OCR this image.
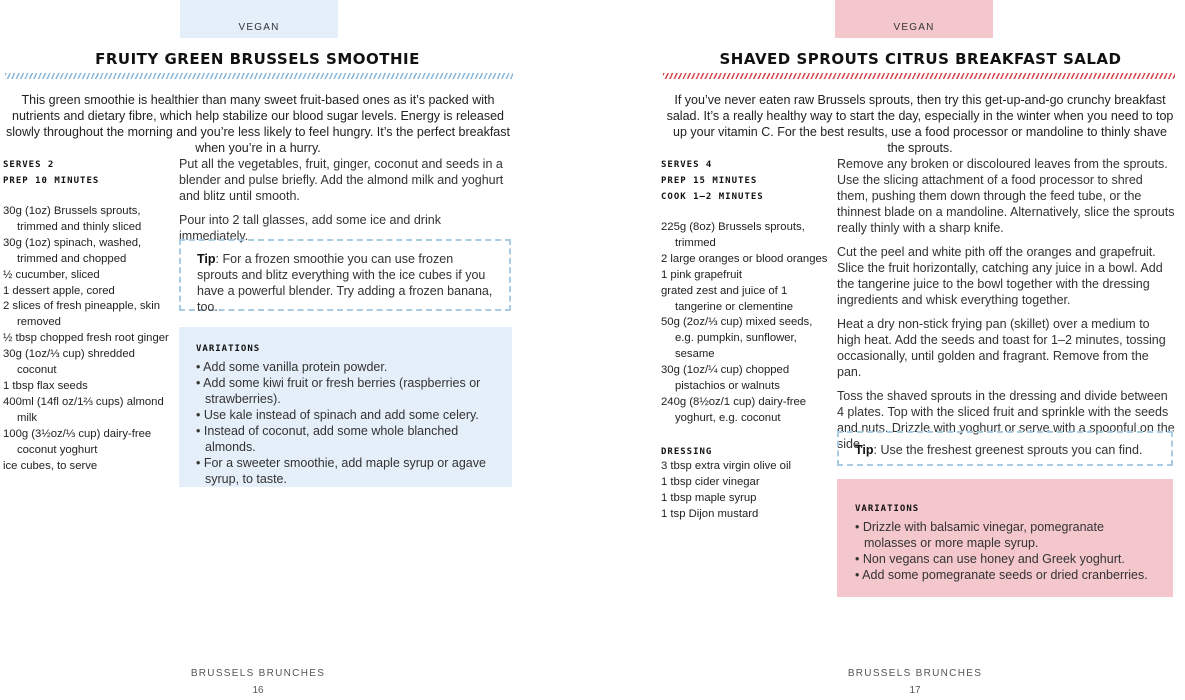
VEGAN
FRUITY GREEN BRUSSELS SMOOTHIE

This green smoothie is healthier than many sweet fruit-based ones as it’s packed with nutrients and dietary fibre, which help stabilize our blood sugar levels. Energy is released slowly throughout the morning and you’re less likely to feel hungry. It’s the perfect breakfast when you’re in a hurry.

SERVES 2
PREP 10 MINUTES
30g (1oz) Brussels sprouts, trimmed and thinly sliced
30g (1oz) spinach, washed, trimmed and chopped
½ cucumber, sliced
1 dessert apple, cored
2 slices of fresh pineapple, skin removed
½ tbsp chopped fresh root ginger
30g (1oz/⅓ cup) shredded coconut
1 tbsp flax seeds
400ml (14fl oz/1⅔ cups) almond milk
100g (3½oz/⅓ cup) dairy-free coconut yoghurt
ice cubes, to serve

Put all the vegetables, fruit, ginger, coconut and seeds in a blender and pulse briefly. Add the almond milk and yoghurt and blitz until smooth.

Pour into 2 tall glasses, add some ice and drink immediately.

Tip: For a frozen smoothie you can use frozen sprouts and blitz everything with the ice cubes if you have a powerful blender. Try adding a frozen banana, too.
VARIATIONS
• Add some vanilla protein powder.
• Add some kiwi fruit or fresh berries (raspberries or strawberries).
• Use kale instead of spinach and add some celery.
• Instead of coconut, add some whole blanched almonds.
• For a sweeter smoothie, add maple syrup or agave syrup, to taste.
BRUSSELS BRUNCHES
16
VEGAN
SHAVED SPROUTS CITRUS BREAKFAST SALAD

If you’ve never eaten raw Brussels sprouts, then try this get-up-and-go crunchy breakfast salad. It’s a really healthy way to start the day, especially in the winter when you need to top up your vitamin C. For the best results, use a food processor or mandoline to thinly shave the sprouts.

SERVES 4
PREP 15 MINUTES
COOK 1–2 MINUTES
225g (8oz) Brussels sprouts, trimmed
2 large oranges or blood oranges
1 pink grapefruit
grated zest and juice of 1 tangerine or clementine
50g (2oz/⅓ cup) mixed seeds, e.g. pumpkin, sunflower, sesame
30g (1oz/¼ cup) chopped pistachios or walnuts
240g (8½oz/1 cup) dairy-free yoghurt, e.g. coconut
DRESSING
3 tbsp extra virgin olive oil
1 tbsp cider vinegar
1 tbsp maple syrup
1 tsp Dijon mustard

Remove any broken or discoloured leaves from the sprouts. Use the slicing attachment of a food processor to shred them, pushing them down through the feed tube, or the thinnest blade on a mandoline. Alternatively, slice the sprouts really thinly with a sharp knife.

Cut the peel and white pith off the oranges and grapefruit. Slice the fruit horizontally, catching any juice in a bowl. Add the tangerine juice to the bowl together with the dressing ingredients and whisk everything together.

Heat a dry non-stick frying pan (skillet) over a medium to high heat. Add the seeds and toast for 1–2 minutes, tossing occasionally, until golden and fragrant. Remove from the pan.

Toss the shaved sprouts in the dressing and divide between 4 plates. Top with the sliced fruit and sprinkle with the seeds and nuts. Drizzle with yoghurt or serve with a spoonful on the side.

Tip: Use the freshest greenest sprouts you can find.
VARIATIONS
• Drizzle with balsamic vinegar, pomegranate molasses or more maple syrup.
• Non vegans can use honey and Greek yoghurt.
• Add some pomegranate seeds or dried cranberries.
BRUSSELS BRUNCHES
17
